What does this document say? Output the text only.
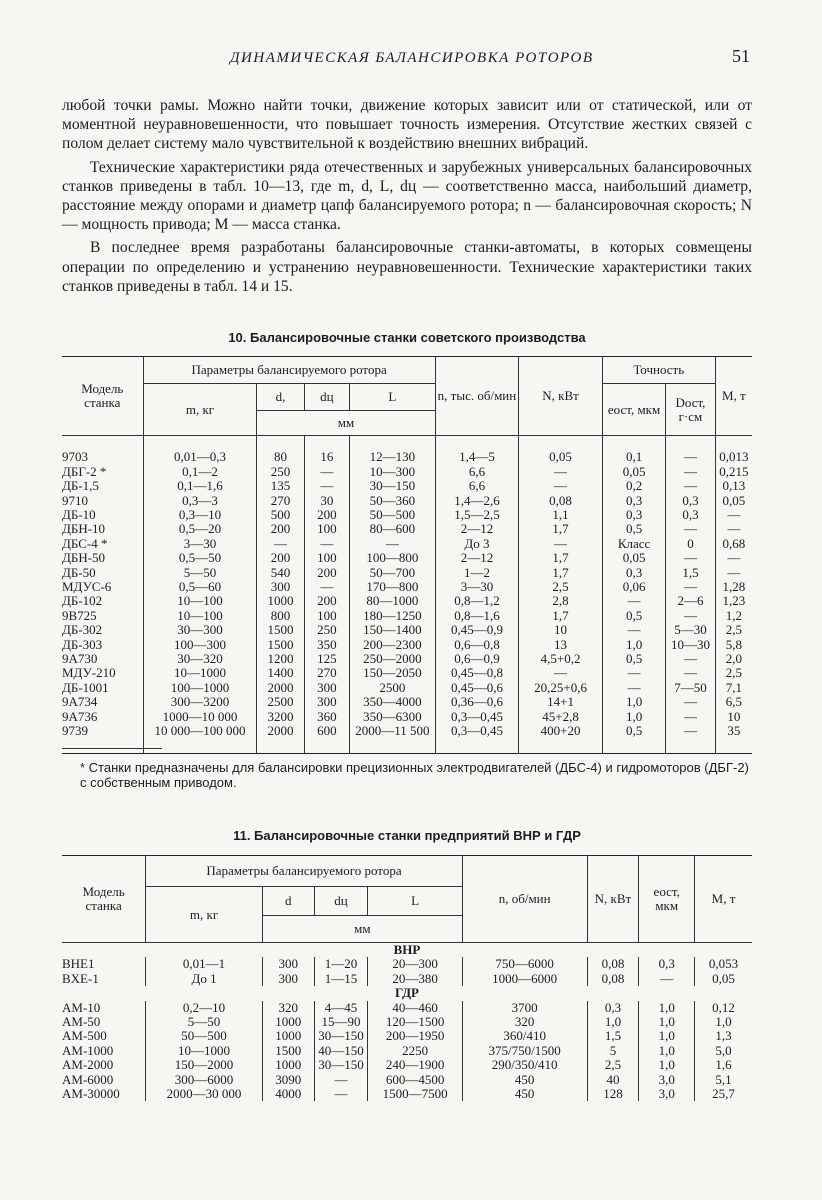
ДИНАМИЧЕСКАЯ БАЛАНСИРОВКА РОТОРОВ	51

любой точки рамы. Можно найти точки, движение которых зависит или от статической, или от моментной неуравновешенности, что повышает точность измерения. Отсутствие жестких связей с полом делает систему мало чувствительной к воздействию внешних вибраций.

Технические характеристики ряда отечественных и зарубежных универсальных балансировочных станков приведены в табл. 10—13, где m, d, L, dц — соответственно масса, наибольший диаметр, расстояние между опорами и диаметр цапф балансируемого ротора; n — балансировочная скорость; N — мощность привода; M — масса станка.

В последнее время разработаны балансировочные станки-автоматы, в которых совмещены операции по определению и устранению неуравновешенности. Технические характеристики таких станков приведены в табл. 14 и 15.

10. Балансировочные станки советского производства
Модель станка	Параметры балансируемого ротора				n, тыс. об/мин	N, кВт	Точность		M, т
	m, кг	d,	dц	L			eост, мкм	Dост, г·см	
		мм							

9703	0,01—0,3	80	16	12—130	1,4—5	0,05	0,1	—	0,013
ДБГ-2 *	0,1—2	250	—	10—300	6,6	—	0,05	—	0,215
ДБ-1,5	0,1—1,6	135	—	30—150	6,6	—	0,2	—	0,13
9710	0,3—3	270	30	50—360	1,4—2,6	0,08	0,3	0,3	0,05
ДБ-10	0,3—10	500	200	50—500	1,5—2,5	1,1	0,3	0,3	—
ДБН-10	0,5—20	200	100	80—600	2—12	1,7	0,5	—	—
ДБС-4 *	3—30	—	—	—	До 3	—	Класс	0	0,68
ДБН-50	0,5—50	200	100	100—800	2—12	1,7	0,05	—	—
ДБ-50	5—50	540	200	50—700	1—2	1,7	0,3	1,5	—
МДУС-6	0,5—60	300	—	170—800	3—30	2,5	0,06	—	1,28
ДБ-102	10—100	1000	200	80—1000	0,8—1,2	2,8	—	2—6	1,23
9В725	10—100	800	100	180—1250	0,8—1,6	1,7	0,5	—	1,2
ДБ-302	30—300	1500	250	150—1400	0,45—0,9	10	—	5—30	2,5
ДБ-303	100—300	1500	350	200—2300	0,6—0,8	13	1,0	10—30	5,8
9А730	30—320	1200	125	250—2000	0,6—0,9	4,5+0,2	0,5	—	2,0
МДУ-210	10—1000	1400	270	150—2050	0,45—0,8	—	—	—	2,5
ДБ-1001	100—1000	2000	300	2500	0,45—0,6	20,25+0,6	—	7—50	7,1
9А734	300—3200	2500	300	350—4000	0,36—0,6	14+1	1,0	—	6,5
9А736	1000—10 000	3200	360	350—6300	0,3—0,45	45+2,8	1,0	—	10
9739	10 000—100 000	2000	600	2000—11 500	0,3—0,45	400+20	0,5	—	35

* Станки предназначены для балансировки прецизионных электродвигателей (ДБС-4) и гидромоторов (ДБГ-2) с собственным приводом.
11. Балансировочные станки предприятий ВНР и ГДР
Модель станка	Параметры балансируемого ротора				n, об/мин	N, кВт	eост, мкм	M, т
	m, кг	d	dц	L				
		мм						
ВНР								
BHE1	0,01—1	300	1—20	20—300	750—6000	0,08	0,3	0,053
BXE-1	До 1	300	1—15	20—380	1000—6000	0,08	—	0,05
ГДР								
АМ-10	0,2—10	320	4—45	40—460	3700	0,3	1,0	0,12
АМ-50	5—50	1000	15—90	120—1500	320	1,0	1,0	1,0
АМ-500	50—500	1000	30—150	200—1950	360/410	1,5	1,0	1,3
АМ-1000	10—1000	1500	40—150	2250	375/750/1500	5	1,0	5,0
АМ-2000	150—2000	1000	30—150	240—1900	290/350/410	2,5	1,0	1,6
АМ-6000	300—6000	3090	—	600—4500	450	40	3,0	5,1
АМ-30000	2000—30 000	4000	—	1500—7500	450	128	3,0	25,7
